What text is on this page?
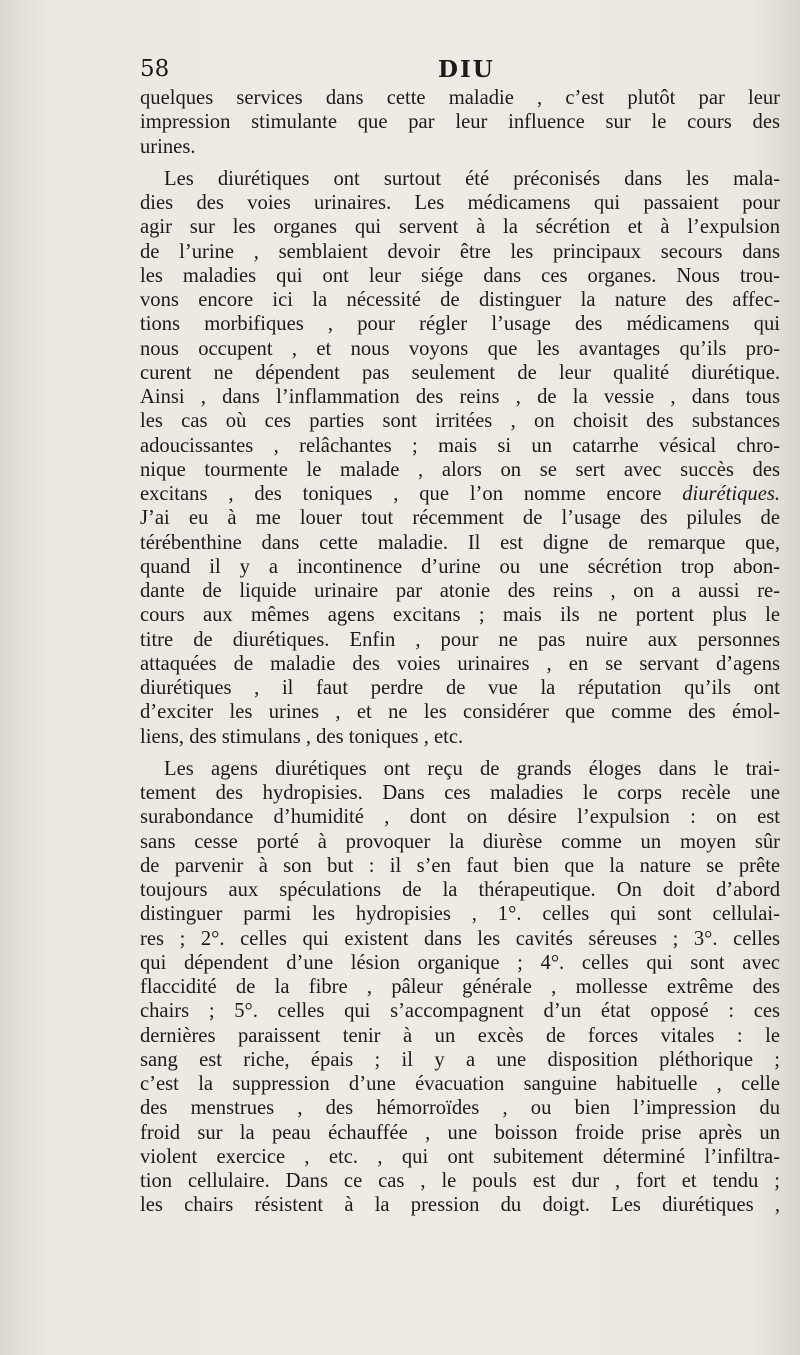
58	DIU
quelques services dans cette maladie , c’est plutôt par leur
impression stimulante que par leur influence sur le cours des
urines.
Les diurétiques ont surtout été préconisés dans les mala-
dies des voies urinaires. Les médicamens qui passaient pour
agir sur les organes qui servent à la sécrétion et à l’expulsion
de l’urine , semblaient devoir être les principaux secours dans
les maladies qui ont leur siége dans ces organes. Nous trou-
vons encore ici la nécessité de distinguer la nature des affec-
tions morbifiques , pour régler l’usage des médicamens qui
nous occupent , et nous voyons que les avantages qu’ils pro-
curent ne dépendent pas seulement de leur qualité diurétique.
Ainsi , dans l’inflammation des reins , de la vessie , dans tous
les cas où ces parties sont irritées , on choisit des substances
adoucissantes , relâchantes ; mais si un catarrhe vésical chro-
nique tourmente le malade , alors on se sert avec succès des
excitans , des toniques , que l’on nomme encore diurétiques.
J’ai eu à me louer tout récemment de l’usage des pilules de
térébenthine dans cette maladie. Il est digne de remarque que,
quand il y a incontinence d’urine ou une sécrétion trop abon-
dante de liquide urinaire par atonie des reins , on a aussi re-
cours aux mêmes agens excitans ; mais ils ne portent plus le
titre de diurétiques. Enfin , pour ne pas nuire aux personnes
attaquées de maladie des voies urinaires , en se servant d’agens
diurétiques , il faut perdre de vue la réputation qu’ils ont
d’exciter les urines , et ne les considérer que comme des émol-
liens, des stimulans , des toniques , etc.
Les agens diurétiques ont reçu de grands éloges dans le trai-
tement des hydropisies. Dans ces maladies le corps recèle une
surabondance d’humidité , dont on désire l’expulsion : on est
sans cesse porté à provoquer la diurèse comme un moyen sûr
de parvenir à son but : il s’en faut bien que la nature se prête
toujours aux spéculations de la thérapeutique. On doit d’abord
distinguer parmi les hydropisies , 1°. celles qui sont cellulai-
res ; 2°. celles qui existent dans les cavités séreuses ; 3°. celles
qui dépendent d’une lésion organique ; 4°. celles qui sont avec
flaccidité de la fibre , pâleur générale , mollesse extrême des
chairs ; 5°. celles qui s’accompagnent d’un état opposé : ces
dernières paraissent tenir à un excès de forces vitales : le
sang est riche, épais ; il y a une disposition pléthorique ;
c’est la suppression d’une évacuation sanguine habituelle , celle
des menstrues , des hémorroïdes , ou bien l’impression du
froid sur la peau échauffée , une boisson froide prise après un
violent exercice , etc. , qui ont subitement déterminé l’infiltra-
tion cellulaire. Dans ce cas , le pouls est dur , fort et tendu ;
les chairs résistent à la pression du doigt. Les diurétiques ,
